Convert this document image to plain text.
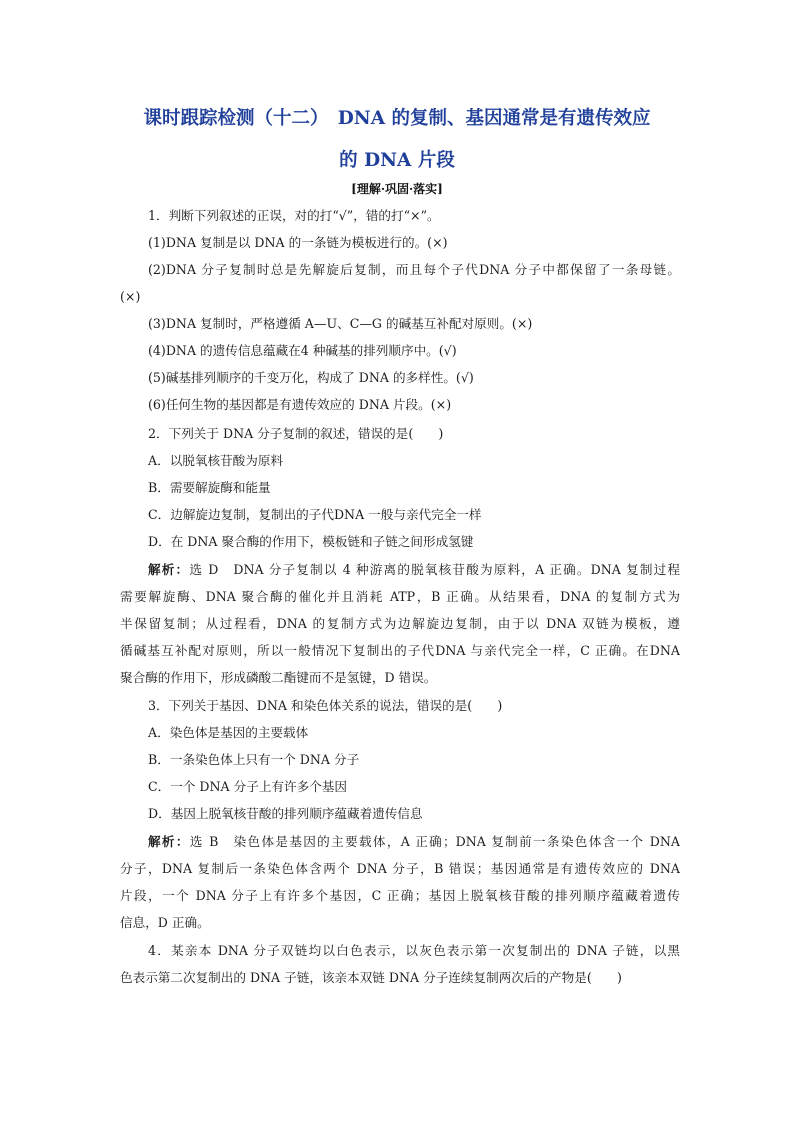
课时跟踪检测（十二）　DNA 的复制、基因通常是有遗传效应
的 DNA 片段
[理解·巩固·落实]
1．判断下列叙述的正误，对的打“√”，错的打“×”。
(1)DNA 复制是以 DNA 的一条链为模板进行的。(×)
(2)DNA 分子复制时总是先解旋后复制，而且每个子代DNA 分子中都保留了一条母链。
(×)
(3)DNA 复制时，严格遵循 A—U、C—G 的碱基互补配对原则。(×)
(4)DNA 的遗传信息蕴藏在4 种碱基的排列顺序中。(√)
(5)碱基排列顺序的千变万化，构成了 DNA 的多样性。(√)
(6)任何生物的基因都是有遗传效应的 DNA 片段。(×)
2．下列关于 DNA 分子复制的叙述，错误的是(　　)
A．以脱氧核苷酸为原料
B．需要解旋酶和能量
C．边解旋边复制，复制出的子代DNA 一般与亲代完全一样
D．在 DNA 聚合酶的作用下，模板链和子链之间形成氢键
解析：选 D　DNA 分子复制以 4 种游离的脱氧核苷酸为原料，A 正确。DNA 复制过程
需要解旋酶、DNA 聚合酶的催化并且消耗 ATP，B 正确。从结果看，DNA 的复制方式为
半保留复制；从过程看，DNA 的复制方式为边解旋边复制，由于以 DNA 双链为模板，遵
循碱基互补配对原则，所以一般情况下复制出的子代DNA 与亲代完全一样，C 正确。在DNA
聚合酶的作用下，形成磷酸二酯键而不是氢键，D 错误。
3．下列关于基因、DNA 和染色体关系的说法，错误的是(　　)
A．染色体是基因的主要载体
B．一条染色体上只有一个 DNA 分子
C．一个 DNA 分子上有许多个基因
D．基因上脱氧核苷酸的排列顺序蕴藏着遗传信息
解析：选 B　染色体是基因的主要载体，A 正确；DNA 复制前一条染色体含一个 DNA
分子，DNA 复制后一条染色体含两个 DNA 分子，B 错误；基因通常是有遗传效应的 DNA
片段，一个 DNA 分子上有许多个基因，C 正确；基因上脱氧核苷酸的排列顺序蕴藏着遗传
信息，D 正确。
4．某亲本 DNA 分子双链均以白色表示，以灰色表示第一次复制出的 DNA 子链，以黑
色表示第二次复制出的 DNA 子链，该亲本双链 DNA 分子连续复制两次后的产物是(　　)
